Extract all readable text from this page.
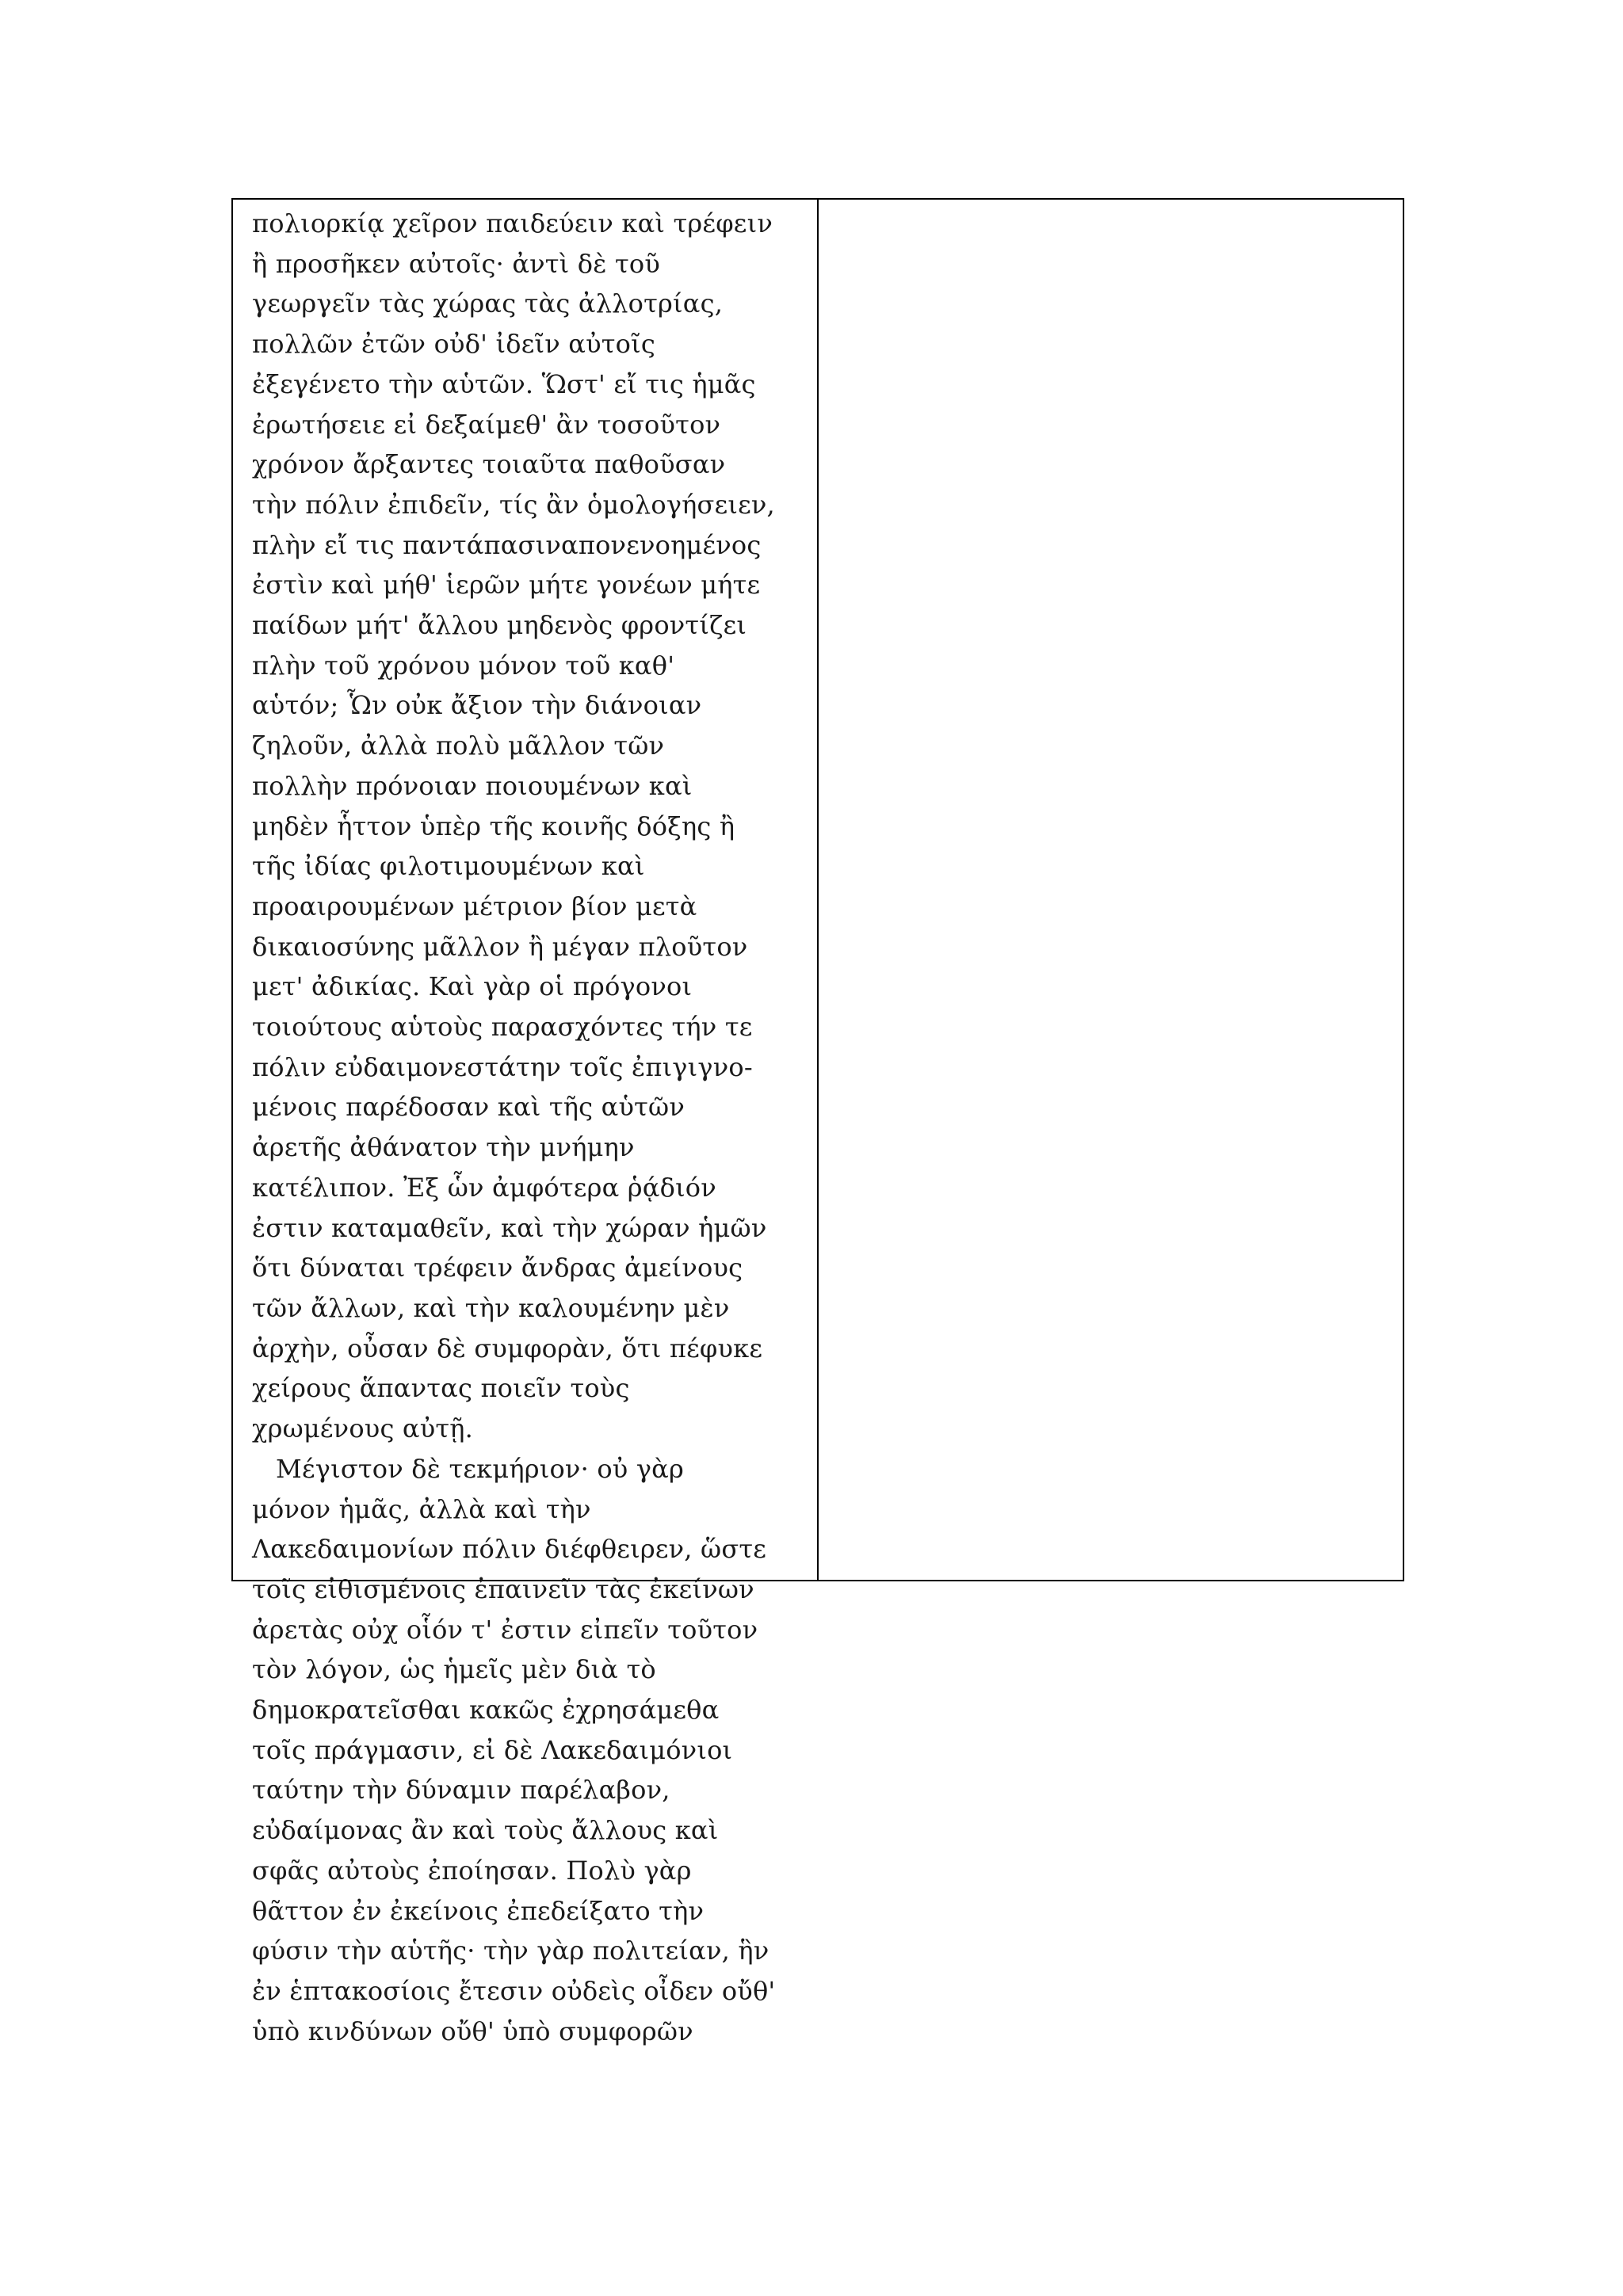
πολιορκίᾳ χεῖρον παιδεύειν καὶ τρέφειν
ἢ προσῆκεν αὐτοῖς· ἀντὶ δὲ τοῦ
γεωργεῖν τὰς χώρας τὰς ἀλλοτρίας,
πολλῶν ἐτῶν οὐδ' ἰδεῖν αὐτοῖς
ἐξεγένετο τὴν αὑτῶν. Ὥστ' εἴ τις ἡμᾶς
ἐρωτήσειε εἰ δεξαίμεθ' ἂν τοσοῦτον
χρόνον ἄρξαντες τοιαῦτα παθοῦσαν
τὴν πόλιν ἐπιδεῖν, τίς ἂν ὁμολογήσειεν,
πλὴν εἴ τις παντάπασιναπονενοημένος
ἐστὶν καὶ μήθ' ἱερῶν μήτε γονέων μήτε
παίδων μήτ' ἄλλου μηδενὸς φροντίζει
πλὴν τοῦ χρόνου μόνον τοῦ καθ'
αὑτόν; Ὧν οὐκ ἄξιον τὴν διάνοιαν
ζηλοῦν, ἀλλὰ πολὺ μᾶλλον τῶν
πολλὴν πρόνοιαν ποιουμένων καὶ
μηδὲν ἧττον ὑπὲρ τῆς κοινῆς δόξης ἢ
τῆς ἰδίας φιλοτιμουμένων καὶ
προαιρουμένων μέτριον βίον μετὰ
δικαιοσύνης μᾶλλον ἢ μέγαν πλοῦτον
μετ' ἀδικίας. Καὶ γὰρ οἱ πρόγονοι
τοιούτους αὑτοὺς παρασχόντες τήν τε
πόλιν εὐδαιμονεστάτην τοῖς ἐπιγιγνο-
μένοις παρέδοσαν καὶ τῆς αὑτῶν
ἀρετῆς ἀθάνατον τὴν μνήμην
κατέλιπον. Ἐξ ὧν ἀμφότερα ῥᾴδιόν
ἐστιν καταμαθεῖν, καὶ τὴν χώραν ἡμῶν
ὅτι δύναται τρέφειν ἄνδρας ἀμείνους
τῶν ἄλλων, καὶ τὴν καλουμένην μὲν
ἀρχὴν, οὖσαν δὲ συμφορὰν, ὅτι πέφυκε
χείρους ἅπαντας ποιεῖν τοὺς
χρωμένους αὐτῇ.
Μέγιστον δὲ τεκμήριον· οὐ γὰρ
μόνον ἡμᾶς, ἀλλὰ καὶ τὴν
Λακεδαιμονίων πόλιν διέφθειρεν, ὥστε
τοῖς εἰθισμένοις ἐπαινεῖν τὰς ἐκείνων
ἀρετὰς οὐχ οἷόν τ' ἐστιν εἰπεῖν τοῦτον
τὸν λόγον, ὡς ἡμεῖς μὲν διὰ τὸ
δημοκρατεῖσθαι κακῶς ἐχρησάμεθα
τοῖς πράγμασιν, εἰ δὲ Λακεδαιμόνιοι
ταύτην τὴν δύναμιν παρέλαβον,
εὐδαίμονας ἂν καὶ τοὺς ἄλλους καὶ
σφᾶς αὐτοὺς ἐποίησαν. Πολὺ γὰρ
θᾶττον ἐν ἐκείνοις ἐπεδείξατο τὴν
φύσιν τὴν αὑτῆς· τὴν γὰρ πολιτείαν, ἣν
ἐν ἑπτακοσίοις ἔτεσιν οὐδεὶς οἶδεν οὔθ'
ὑπὸ κινδύνων οὔθ' ὑπὸ συμφορῶν
